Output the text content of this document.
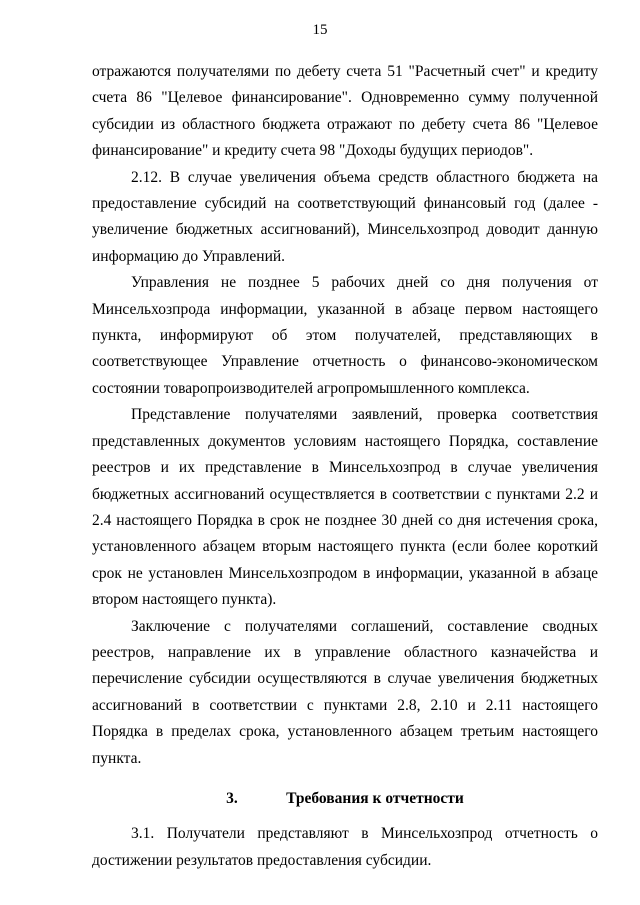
15

отражаются получателями по дебету счета 51 "Расчетный счет" и кредиту счета 86 "Целевое финансирование". Одновременно сумму полученной субсидии из областного бюджета отражают по дебету счета 86 "Целевое финансирование" и кредиту счета 98 "Доходы будущих периодов".

2.12. В случае увеличения объема средств областного бюджета на предоставление субсидий на соответствующий финансовый год (далее - увеличение бюджетных ассигнований), Минсельхозпрод доводит данную информацию до Управлений.

Управления не позднее 5 рабочих дней со дня получения от Минсельхозпрода информации, указанной в абзаце первом настоящего пункта, информируют об этом получателей, представляющих в соответствующее Управление отчетность о финансово-экономическом состоянии товаропроизводителей агропромышленного комплекса.

Представление получателями заявлений, проверка соответствия представленных документов условиям настоящего Порядка, составление реестров и их представление в Минсельхозпрод в случае увеличения бюджетных ассигнований осуществляется в соответствии с пунктами 2.2 и 2.4 настоящего Порядка в срок не позднее 30 дней со дня истечения срока, установленного абзацем вторым настоящего пункта (если более короткий срок не установлен Минсельхозпродом в информации, указанной в абзаце втором настоящего пункта).

Заключение с получателями соглашений, составление сводных реестров, направление их в управление областного казначейства и перечисление субсидии осуществляются в случае увеличения бюджетных ассигнований в соответствии с пунктами 2.8, 2.10 и 2.11 настоящего Порядка в пределах срока, установленного абзацем третьим настоящего пункта.

3.	Требования к отчетности

3.1. Получатели представляют в Минсельхозпрод отчетность о достижении результатов предоставления субсидии.
